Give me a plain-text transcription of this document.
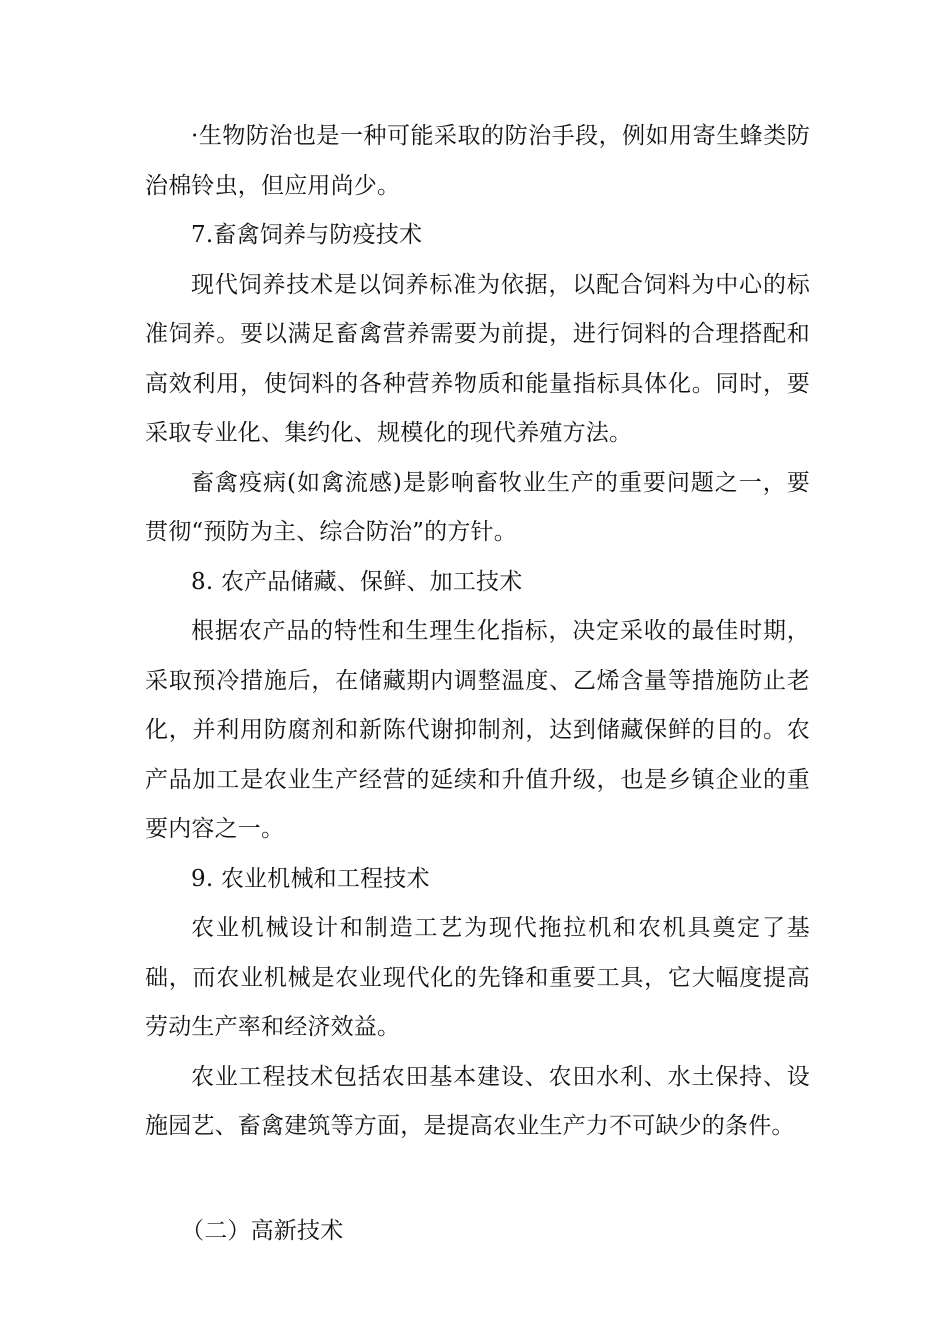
·生物防治也是一种可能采取的防治手段，例如用寄生蜂类防治棉铃虫，但应用尚少。

7.畜禽饲养与防疫技术

现代饲养技术是以饲养标准为依据，以配合饲料为中心的标准饲养。要以满足畜禽营养需要为前提，进行饲料的合理搭配和高效利用，使饲料的各种营养物质和能量指标具体化。同时，要采取专业化、集约化、规模化的现代养殖方法。

畜禽疫病(如禽流感)是影响畜牧业生产的重要问题之一，要贯彻“预防为主、综合防治”的方针。

8. 农产品储藏、保鲜、加工技术

根据农产品的特性和生理生化指标，决定采收的最佳时期，采取预冷措施后，在储藏期内调整温度、乙烯含量等措施防止老化，并利用防腐剂和新陈代谢抑制剂，达到储藏保鲜的目的。农产品加工是农业生产经营的延续和升值升级，也是乡镇企业的重要内容之一。

9. 农业机械和工程技术

农业机械设计和制造工艺为现代拖拉机和农机具奠定了基础，而农业机械是农业现代化的先锋和重要工具，它大幅度提高劳动生产率和经济效益。

农业工程技术包括农田基本建设、农田水利、水土保持、设施园艺、畜禽建筑等方面，是提高农业生产力不可缺少的条件。

（二）高新技术
